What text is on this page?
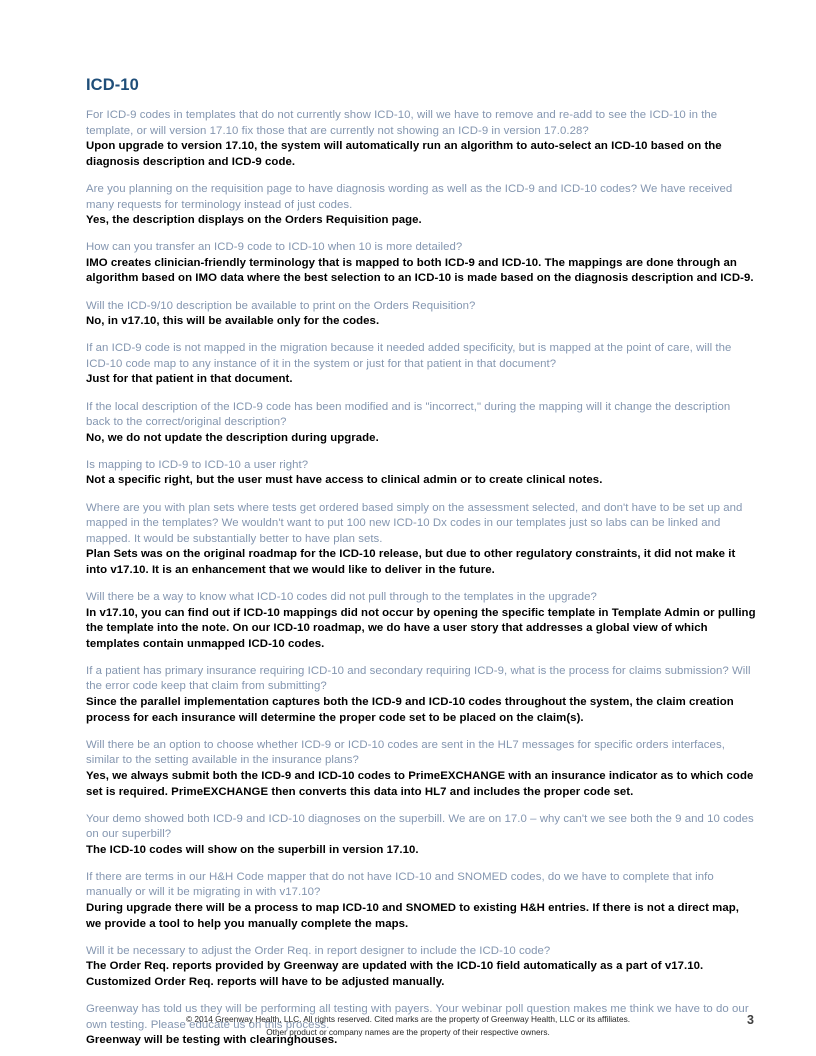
ICD-10

For ICD-9 codes in templates that do not currently show ICD-10, will we have to remove and re-add to see the ICD-10 in the template, or will version 17.10 fix those that are currently not showing an ICD-9 in version 17.0.28?

Upon upgrade to version 17.10, the system will automatically run an algorithm to auto-select an ICD-10 based on the diagnosis description and ICD-9 code.

Are you planning on the requisition page to have diagnosis wording as well as the ICD-9 and ICD-10 codes? We have received many requests for terminology instead of just codes.

Yes, the description displays on the Orders Requisition page.

How can you transfer an ICD-9 code to ICD-10 when 10 is more detailed?

IMO creates clinician-friendly terminology that is mapped to both ICD-9 and ICD-10. The mappings are done through an algorithm based on IMO data where the best selection to an ICD-10 is made based on the diagnosis description and ICD-9.

Will the ICD-9/10 description be available to print on the Orders Requisition?

No, in v17.10, this will be available only for the codes.

If an ICD-9 code is not mapped in the migration because it needed added specificity, but is mapped at the point of care, will the ICD-10 code map to any instance of it in the system or just for that patient in that document?

Just for that patient in that document.

If the local description of the ICD-9 code has been modified and is "incorrect," during the mapping will it change the description back to the correct/original description?

No, we do not update the description during upgrade.

Is mapping to ICD-9 to ICD-10 a user right?

Not a specific right, but the user must have access to clinical admin or to create clinical notes.

Where are you with plan sets where tests get ordered based simply on the assessment selected, and don't have to be set up and mapped in the templates? We wouldn't want to put 100 new ICD-10 Dx codes in our templates just so labs can be linked and mapped. It would be substantially better to have plan sets.

Plan Sets was on the original roadmap for the ICD-10 release, but due to other regulatory constraints, it did not make it into v17.10. It is an enhancement that we would like to deliver in the future.

Will there be a way to know what ICD-10 codes did not pull through to the templates in the upgrade?

In v17.10, you can find out if ICD-10 mappings did not occur by opening the specific template in Template Admin or pulling the template into the note. On our ICD-10 roadmap, we do have a user story that addresses a global view of which templates contain unmapped ICD-10 codes.

If a patient has primary insurance requiring ICD-10 and secondary requiring ICD-9, what is the process for claims submission? Will the error code keep that claim from submitting?

Since the parallel implementation captures both the ICD-9 and ICD-10 codes throughout the system, the claim creation process for each insurance will determine the proper code set to be placed on the claim(s).

Will there be an option to choose whether ICD-9 or ICD-10 codes are sent in the HL7 messages for specific orders interfaces, similar to the setting available in the insurance plans?

Yes, we always submit both the ICD-9 and ICD-10 codes to PrimeEXCHANGE with an insurance indicator as to which code set is required. PrimeEXCHANGE then converts this data into HL7 and includes the proper code set.

Your demo showed both ICD-9 and ICD-10 diagnoses on the superbill. We are on 17.0 – why can't we see both the 9 and 10 codes on our superbill?

The ICD-10 codes will show on the superbill in version 17.10.

If there are terms in our H&H Code mapper that do not have ICD-10 and SNOMED codes, do we have to complete that info manually or will it be migrating in with v17.10?

During upgrade there will be a process to map ICD-10 and SNOMED to existing H&H entries. If there is not a direct map, we provide a tool to help you manually complete the maps.

Will it be necessary to adjust the Order Req. in report designer to include the ICD-10 code?

The Order Req. reports provided by Greenway are updated with the ICD-10 field automatically as a part of v17.10. Customized Order Req. reports will have to be adjusted manually.

Greenway has told us they will be performing all testing with payers. Your webinar poll question makes me think we have to do our own testing. Please educate us on this process.

Greenway will be testing with clearinghouses.

© 2014 Greenway Health, LLC. All rights reserved. Cited marks are the property of Greenway Health, LLC or its affiliates.
Other product or company names are the property of their respective owners.

3
